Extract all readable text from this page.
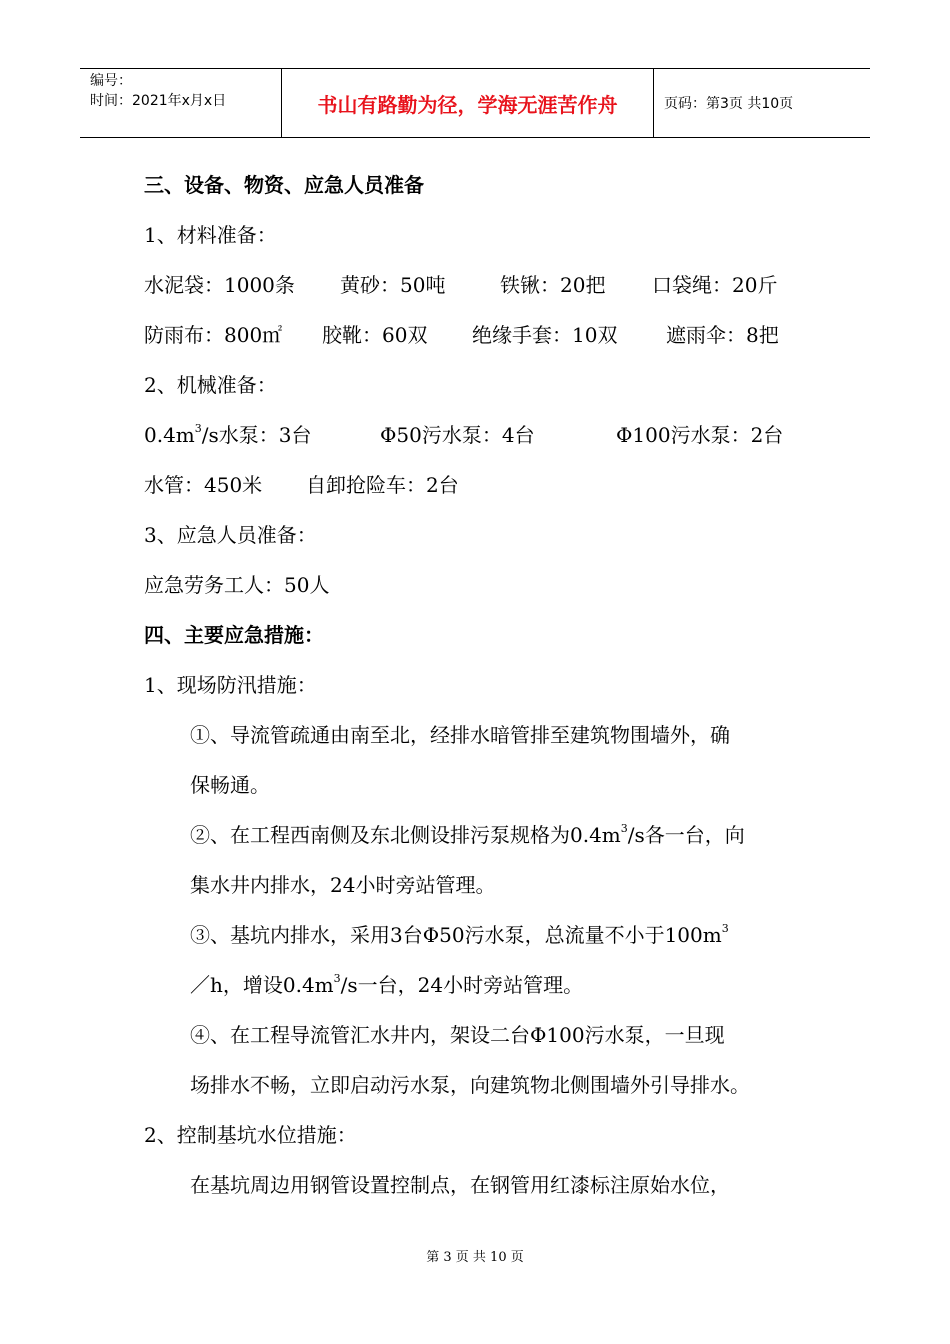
编号：
时间：2021年x月x日	书山有路勤为径，学海无涯苦作舟	页码：第3页 共10页
三、设备、物资、应急人员准备
1、材料准备：
水泥袋：1000条 黄砂：50吨	铁锹：20把 口袋绳：20斤
防雨布：800㎡ 胶靴：60双 绝缘手套：10双 遮雨伞：8把
2、机械准备：
$0.4m^3/s$水泵：3台	Φ50污水泵：4台	Φ100污水泵：2台
水管：450米 自卸抢险车：2台
3、应急人员准备：
应急劳务工人：50人
四、主要应急措施：
1、现场防汛措施：
①、导流管疏通由南至北，经排水暗管排至建筑物围墙外，确
保畅通。
②、在工程西南侧及东北侧设排污泵规格为$0.4m^3/s$各一台，向
集水井内排水，24小时旁站管理。
③、基坑内排水，采用3台Φ50污水泵，总流量不小于$100m^3$
／h，增设$0.4m^3/s$一台，24小时旁站管理。
④、在工程导流管汇水井内，架设二台Φ100污水泵，一旦现
场排水不畅，立即启动污水泵，向建筑物北侧围墙外引导排水。
2、控制基坑水位措施：
在基坑周边用钢管设置控制点，在钢管用红漆标注原始水位，
第 3 页 共 10 页
